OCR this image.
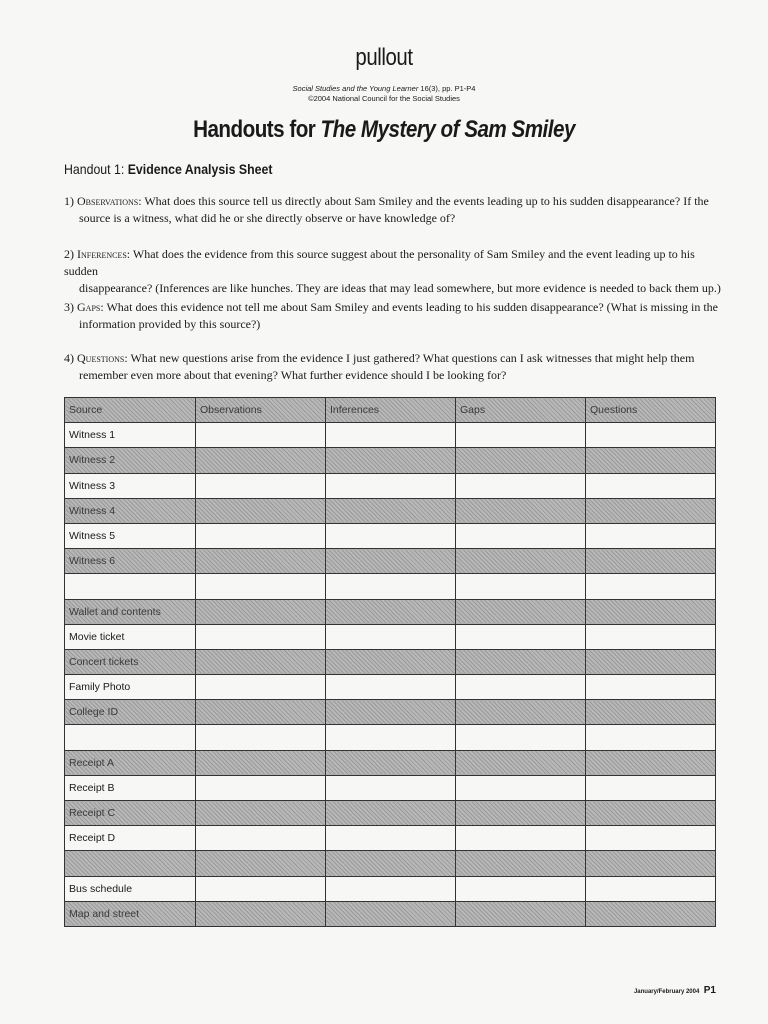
pullout
Social Studies and the Young Learner 16(3), pp. P1-P4
©2004 National Council for the Social Studies
Handouts for The Mystery of Sam Smiley
Handout 1: Evidence Analysis Sheet
1) Observations: What does this source tell us directly about Sam Smiley and the events leading up to his sudden disappearance? If the
source is a witness, what did he or she directly observe or have knowledge of?
2) Inferences: What does the evidence from this source suggest about the personality of Sam Smiley and the event leading up to his sudden
disappearance? (Inferences are like hunches. They are ideas that may lead somewhere, but more evidence is needed to back them up.)
3) Gaps: What does this evidence not tell me about Sam Smiley and events leading to his sudden disappearance? (What is missing in the
information provided by this source?)
4) Questions: What new questions arise from the evidence I just gathered? What questions can I ask witnesses that might help them
remember even more about that evening? What further evidence should I be looking for?
Source	Observations	Inferences	Gaps	Questions
Witness 1				
Witness 2				
Witness 3				
Witness 4				
Witness 5				
Witness 6				

Wallet and contents				
Movie ticket				
Concert tickets				
Family Photo				
College ID				

Receipt A				
Receipt B				
Receipt C				
Receipt D				

Bus schedule				
Map and street				
January/February 2004 P1
